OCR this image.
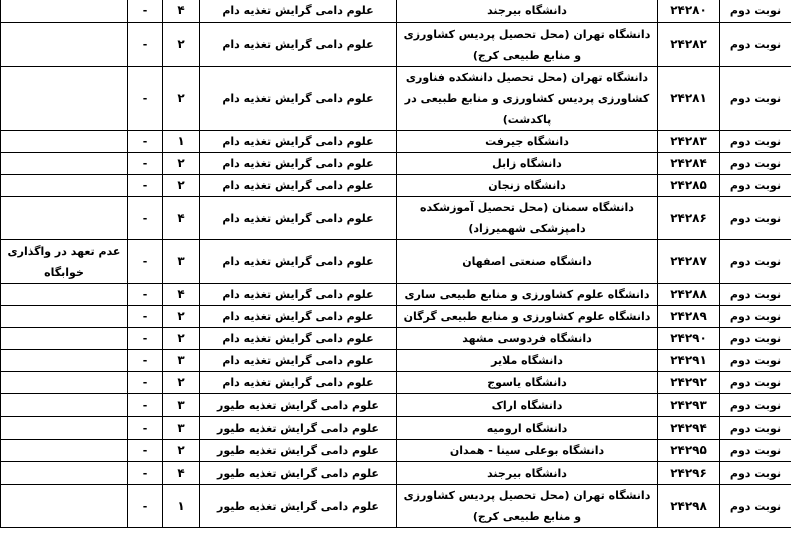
نوبت دوم	۲۴۲۸۰	دانشگاه بیرجند	علوم دامی گرایش تغذیه دام	۴	-	
نوبت دوم	۲۴۲۸۲	دانشگاه تهران (محل تحصیل پردیس کشاورزی و منابع طبیعی کرج)	علوم دامی گرایش تغذیه دام	۲	-	
نوبت دوم	۲۴۲۸۱	دانشگاه تهران (محل تحصیل دانشکده فناوری کشاورزی پردیس کشاورزی و منابع طبیعی در پاکدشت)	علوم دامی گرایش تغذیه دام	۲	-	
نوبت دوم	۲۴۲۸۳	دانشگاه جیرفت	علوم دامی گرایش تغذیه دام	۱	-	
نوبت دوم	۲۴۲۸۴	دانشگاه زابل	علوم دامی گرایش تغذیه دام	۲	-	
نوبت دوم	۲۴۲۸۵	دانشگاه زنجان	علوم دامی گرایش تغذیه دام	۲	-	
نوبت دوم	۲۴۲۸۶	دانشگاه سمنان (محل تحصیل آموزشکده دامپزشکی شهمیرزاد)	علوم دامی گرایش تغذیه دام	۴	-	
نوبت دوم	۲۴۲۸۷	دانشگاه صنعتی اصفهان	علوم دامی گرایش تغذیه دام	۳	-	عدم تعهد در واگذاری خوابگاه
نوبت دوم	۲۴۲۸۸	دانشگاه علوم کشاورزی و منابع طبیعی ساری	علوم دامی گرایش تغذیه دام	۴	-	
نوبت دوم	۲۴۲۸۹	دانشگاه علوم کشاورزی و منابع طبیعی گرگان	علوم دامی گرایش تغذیه دام	۲	-	
نوبت دوم	۲۴۲۹۰	دانشگاه فردوسی مشهد	علوم دامی گرایش تغذیه دام	۲	-	
نوبت دوم	۲۴۲۹۱	دانشگاه ملایر	علوم دامی گرایش تغذیه دام	۳	-	
نوبت دوم	۲۴۲۹۲	دانشگاه یاسوج	علوم دامی گرایش تغذیه دام	۲	-	
نوبت دوم	۲۴۲۹۳	دانشگاه اراک	علوم دامی گرایش تغذیه طیور	۳	-	
نوبت دوم	۲۴۲۹۴	دانشگاه ارومیه	علوم دامی گرایش تغذیه طیور	۳	-	
نوبت دوم	۲۴۲۹۵	دانشگاه بوعلی سینا - همدان	علوم دامی گرایش تغذیه طیور	۲	-	
نوبت دوم	۲۴۲۹۶	دانشگاه بیرجند	علوم دامی گرایش تغذیه طیور	۴	-	
نوبت دوم	۲۴۲۹۸	دانشگاه تهران (محل تحصیل پردیس کشاورزی و منابع طبیعی کرج)	علوم دامی گرایش تغذیه طیور	۱	-	
